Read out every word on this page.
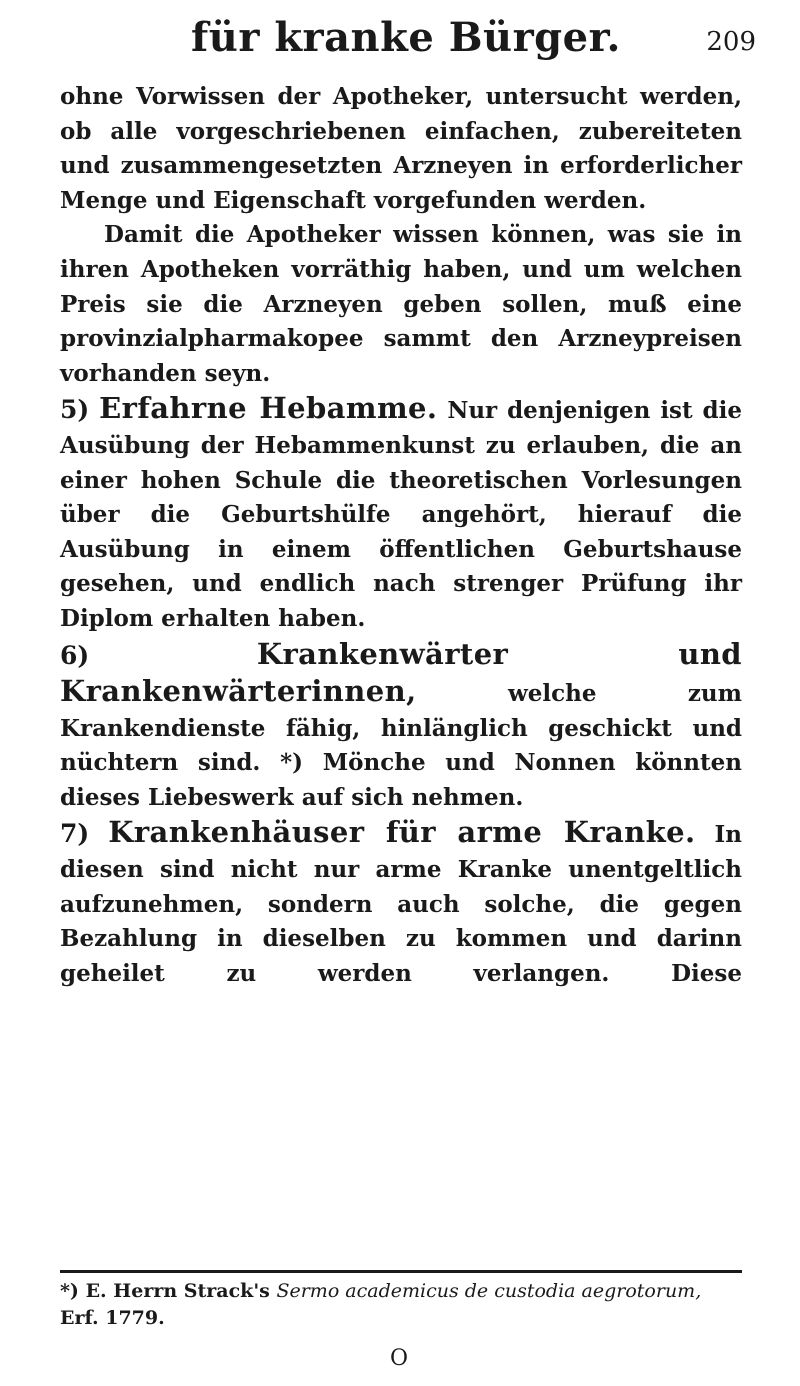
für kranke Bürger.	209

ohne Vorwissen der Apotheker, untersucht werden, ob alle vorgeschriebenen einfachen, zubereiteten und zusammengesetzten Arzneyen in erforderlicher Menge und Eigenschaft vorgefunden werden.

Damit die Apotheker wissen können, was sie in ihren Apotheken vorräthig haben, und um welchen Preis sie die Arzneyen geben sollen, muß eine provinzialpharmakopee sammt den Arzneypreisen vorhanden seyn.

5) Erfahrne Hebamme. Nur denjenigen ist die Ausübung der Hebammenkunst zu erlauben, die an einer hohen Schule die theoretischen Vorlesungen über die Geburtshülfe angehört, hierauf die Ausübung in einem öffentlichen Geburtshause gesehen, und endlich nach strenger Prüfung ihr Diplom erhalten haben.

6)	Krankenwärter und Krankenwärterinnen,	welche zum Krankendienste fähig, hinlänglich geschickt und nüchtern sind. *) Mönche und Nonnen könnten dieses Liebeswerk auf sich nehmen.

7) Krankenhäuser für arme Kranke. In diesen sind nicht nur arme Kranke unentgeltlich aufzunehmen, sondern auch solche, die gegen Bezahlung in dieselben zu kommen und darinn geheilet zu werden verlangen.	Diese

*) E. Herrn Strack's Sermo academicus de custodia aegrotorum,
Erf. 1779.
O
